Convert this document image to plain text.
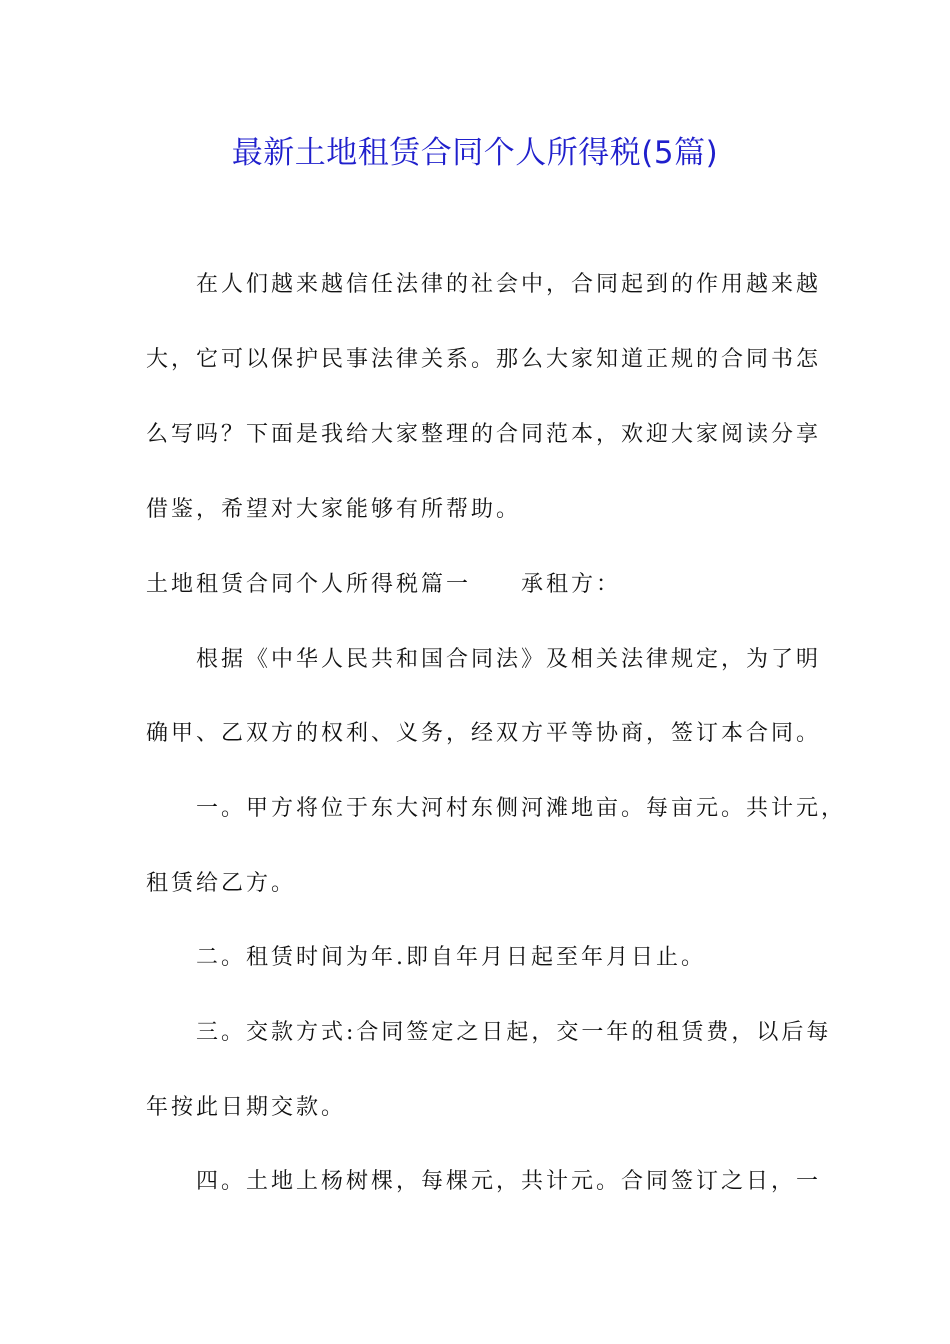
最新土地租赁合同个人所得税(5篇)
在人们越来越信任法律的社会中，合同起到的作用越来越
大，它可以保护民事法律关系。那么大家知道正规的合同书怎
么写吗？下面是我给大家整理的合同范本，欢迎大家阅读分享
借鉴，希望对大家能够有所帮助。
土地租赁合同个人所得税篇一 承租方：
根据《中华人民共和国合同法》及相关法律规定，为了明
确甲、乙双方的权利、义务，经双方平等协商，签订本合同。
一。甲方将位于东大河村东侧河滩地亩。每亩元。共计元，
租赁给乙方。
二。租赁时间为年.即自年月日起至年月日止。
三。交款方式:合同签定之日起，交一年的租赁费，以后每
年按此日期交款。
四。土地上杨树棵，每棵元，共计元。合同签订之日，一
